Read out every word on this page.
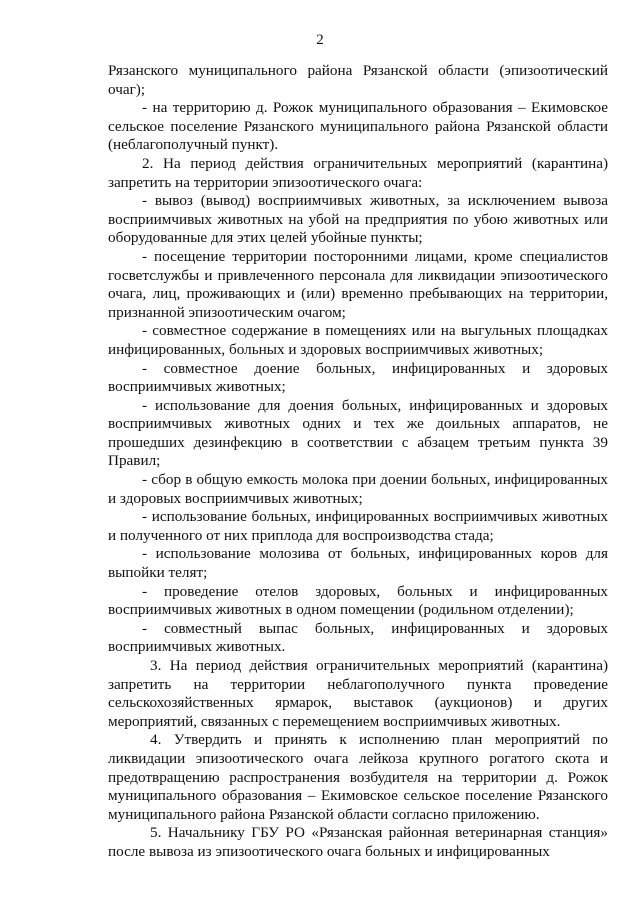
2

Рязанского муниципального района Рязанской области (эпизоотический очаг);

- на территорию д. Рожок муниципального образования – Екимовское сельское поселение Рязанского муниципального района Рязанской области (неблагополучный пункт).

2. На период действия ограничительных мероприятий (карантина) запретить на территории эпизоотического очага:

- вывоз (вывод) восприимчивых животных, за исключением вывоза восприимчивых животных на убой на предприятия по убою животных или оборудованные для этих целей убойные пункты;

- посещение территории посторонними лицами, кроме специалистов госветслужбы и привлеченного персонала для ликвидации эпизоотического очага, лиц, проживающих и (или) временно пребывающих на территории, признанной эпизоотическим очагом;

- совместное содержание в помещениях или на выгульных площадках инфицированных, больных и здоровых восприимчивых животных;

- совместное доение больных, инфицированных и здоровых восприимчивых животных;

- использование для доения больных, инфицированных и здоровых восприимчивых животных одних и тех же доильных аппаратов, не прошедших дезинфекцию в соответствии с абзацем третьим пункта 39 Правил;

- сбор в общую емкость молока при доении больных, инфицированных и здоровых восприимчивых животных;

- использование больных, инфицированных восприимчивых животных и полученного от них приплода для воспроизводства стада;

- использование молозива от больных, инфицированных коров для выпойки телят;

- проведение отелов здоровых, больных и инфицированных восприимчивых животных в одном помещении (родильном отделении);

- совместный выпас больных, инфицированных и здоровых восприимчивых животных.

3. На период действия ограничительных мероприятий (карантина) запретить на территории неблагополучного пункта проведение сельскохозяйственных ярмарок, выставок (аукционов) и других мероприятий, связанных с перемещением восприимчивых животных.

4. Утвердить и принять к исполнению план мероприятий по ликвидации эпизоотического очага лейкоза крупного рогатого скота и предотвращению распространения возбудителя на территории д. Рожок муниципального образования – Екимовское сельское поселение Рязанского муниципального района Рязанской области согласно приложению.

5. Начальнику ГБУ РО «Рязанская районная ветеринарная станция» после вывоза из эпизоотического очага больных и инфицированных
